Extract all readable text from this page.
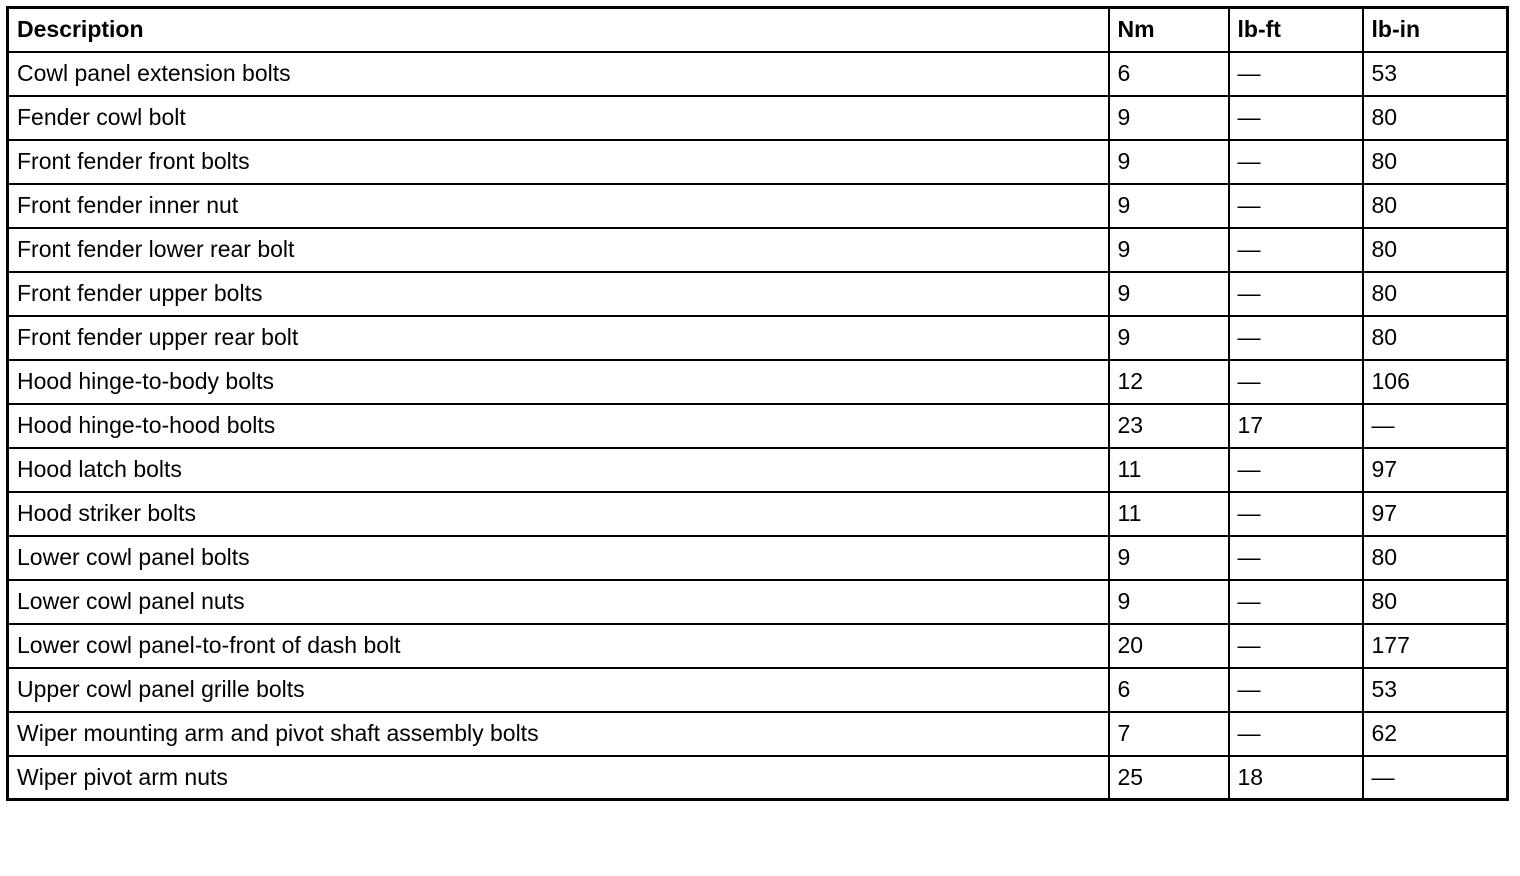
Description	Nm	lb-ft	lb-in
Cowl panel extension bolts	6	—	53
Fender cowl bolt	9	—	80
Front fender front bolts	9	—	80
Front fender inner nut	9	—	80
Front fender lower rear bolt	9	—	80
Front fender upper bolts	9	—	80
Front fender upper rear bolt	9	—	80
Hood hinge-to-body bolts	12	—	106
Hood hinge-to-hood bolts	23	17	—
Hood latch bolts	11	—	97
Hood striker bolts	11	—	97
Lower cowl panel bolts	9	—	80
Lower cowl panel nuts	9	—	80
Lower cowl panel-to-front of dash bolt	20	—	177
Upper cowl panel grille bolts	6	—	53
Wiper mounting arm and pivot shaft assembly bolts	7	—	62
Wiper pivot arm nuts	25	18	—
